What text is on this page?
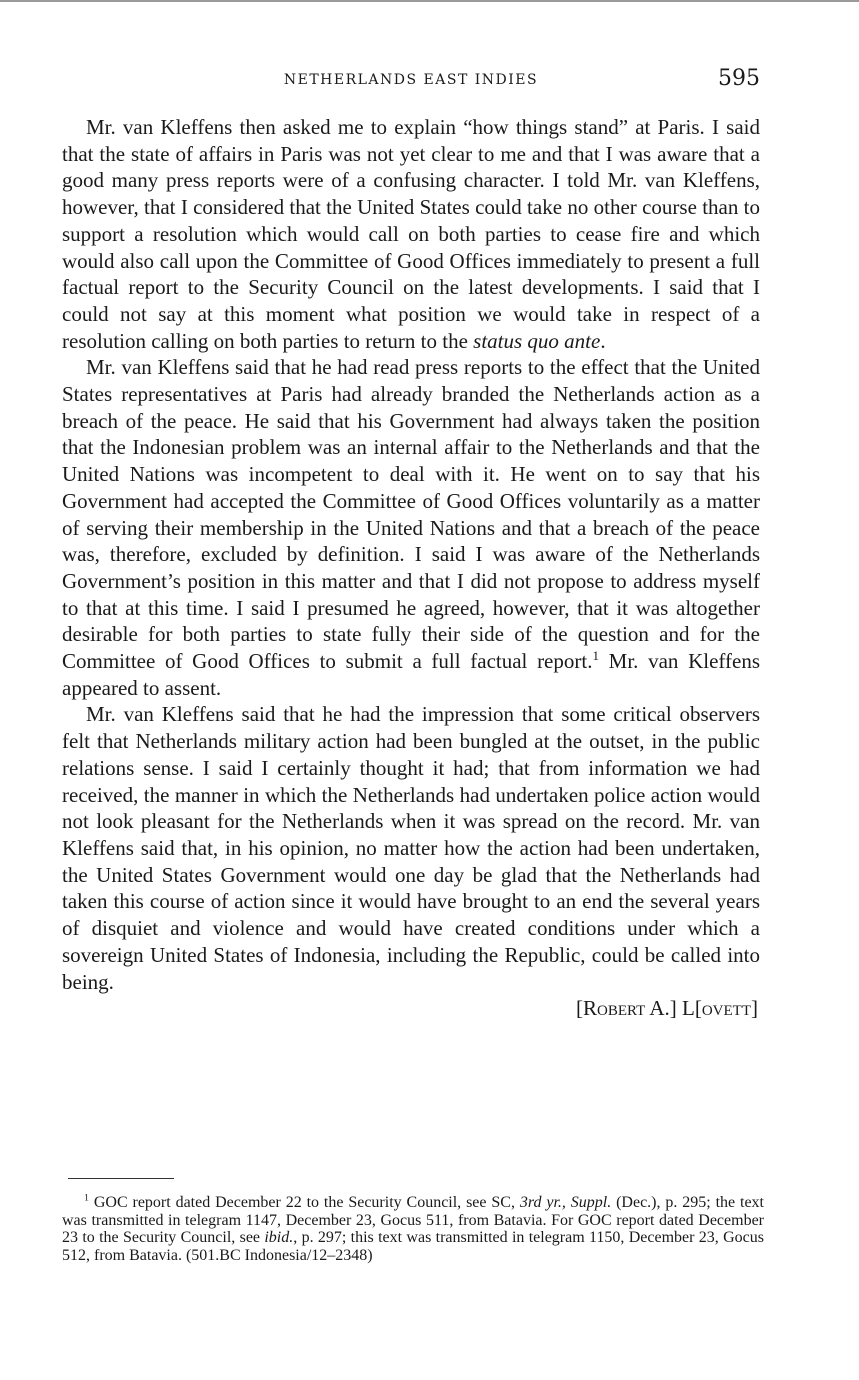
NETHERLANDS EAST INDIES	595

Mr. van Kleffens then asked me to explain “how things stand” at Paris. I said that the state of affairs in Paris was not yet clear to me and that I was aware that a good many press reports were of a confusing character. I told Mr. van Kleffens, however, that I considered that the United States could take no other course than to support a resolution which would call on both parties to cease fire and which would also call upon the Committee of Good Offices immediately to present a full factual report to the Security Council on the latest developments. I said that I could not say at this moment what position we would take in respect of a resolution calling on both parties to return to the status quo ante.

Mr. van Kleffens said that he had read press reports to the effect that the United States representatives at Paris had already branded the Netherlands action as a breach of the peace. He said that his Government had always taken the position that the Indonesian problem was an internal affair to the Netherlands and that the United Nations was incompetent to deal with it. He went on to say that his Government had accepted the Committee of Good Offices voluntarily as a matter of serving their membership in the United Nations and that a breach of the peace was, therefore, excluded by definition. I said I was aware of the Netherlands Government’s position in this matter and that I did not propose to address myself to that at this time. I said I presumed he agreed, however, that it was altogether desirable for both parties to state fully their side of the question and for the Committee of Good Offices to submit a full factual report.$^1$ Mr. van Kleffens appeared to assent.

Mr. van Kleffens said that he had the impression that some critical observers felt that Netherlands military action had been bungled at the outset, in the public relations sense. I said I certainly thought it had; that from information we had received, the manner in which the Netherlands had undertaken police action would not look pleasant for the Netherlands when it was spread on the record. Mr. van Kleffens said that, in his opinion, no matter how the action had been undertaken, the United States Government would one day be glad that the Netherlands had taken this course of action since it would have brought to an end the several years of disquiet and violence and would have created conditions under which a sovereign United States of Indonesia, including the Republic, could be called into being.

[Robert A.] L[ovett]

$^1$ GOC report dated December 22 to the Security Council, see SC, 3rd yr., Suppl. (Dec.), p. 295; the text was transmitted in telegram 1147, December 23, Gocus 511, from Batavia. For GOC report dated December 23 to the Security Council, see ibid., p. 297; this text was transmitted in telegram 1150, December 23, Gocus 512, from Batavia. (501.BC Indonesia/12–2348)
